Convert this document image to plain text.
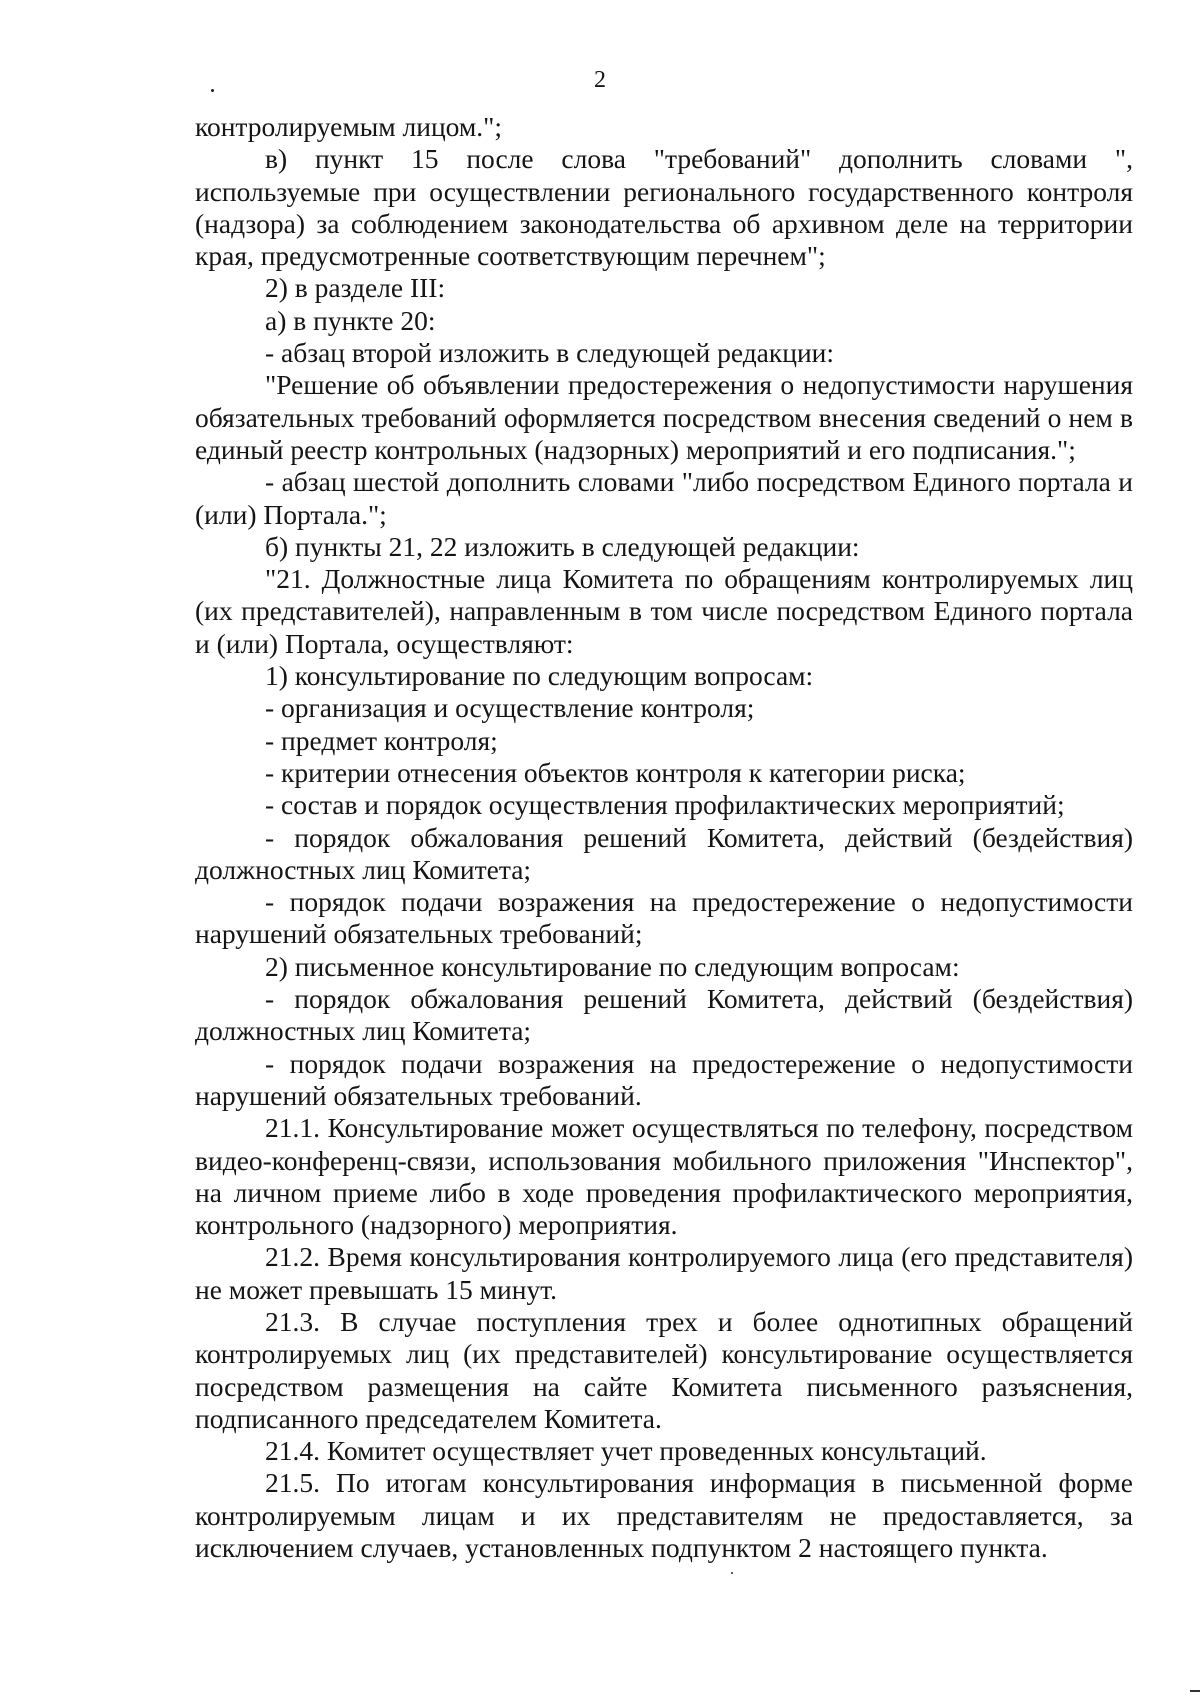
2

контролируемым лицом.";

в) пункт 15 после слова "требований" дополнить словами ", используемые при осуществлении регионального государственного контроля (надзора) за соблюдением законодательства об архивном деле на территории края, предусмотренные соответствующим перечнем";

2) в разделе III:

а) в пункте 20:

- абзац второй изложить в следующей редакции:

"Решение об объявлении предостережения о недопустимости нарушения обязательных требований оформляется посредством внесения сведений о нем в единый реестр контрольных (надзорных) мероприятий и его подписания.";

- абзац шестой дополнить словами "либо посредством Единого портала и (или) Портала.";

б) пункты 21, 22 изложить в следующей редакции:

"21. Должностные лица Комитета по обращениям контролируемых лиц (их представителей), направленным в том числе посредством Единого портала и (или) Портала, осуществляют:

1) консультирование по следующим вопросам:

- организация и осуществление контроля;

- предмет контроля;

- критерии отнесения объектов контроля к категории риска;

- состав и порядок осуществления профилактических мероприятий;

- порядок обжалования решений Комитета, действий (бездействия) должностных лиц Комитета;

- порядок подачи возражения на предостережение о недопустимости нарушений обязательных требований;

2) письменное консультирование по следующим вопросам:

- порядок обжалования решений Комитета, действий (бездействия) должностных лиц Комитета;

- порядок подачи возражения на предостережение о недопустимости нарушений обязательных требований.

21.1. Консультирование может осуществляться по телефону, посредством видео-конференц-связи, использования мобильного приложения "Инспектор", на личном приеме либо в ходе проведения профилактического мероприятия, контрольного (надзорного) мероприятия.

21.2. Время консультирования контролируемого лица (его представителя) не может превышать 15 минут.

21.3. В случае поступления трех и более однотипных обращений контролируемых лиц (их представителей) консультирование осуществляется посредством размещения на сайте Комитета письменного разъяснения, подписанного председателем Комитета.

21.4. Комитет осуществляет учет проведенных консультаций.

21.5. По итогам консультирования информация в письменной форме контролируемым лицам и их представителям не предоставляется, за исключением случаев, установленных подпунктом 2 настоящего пункта.
